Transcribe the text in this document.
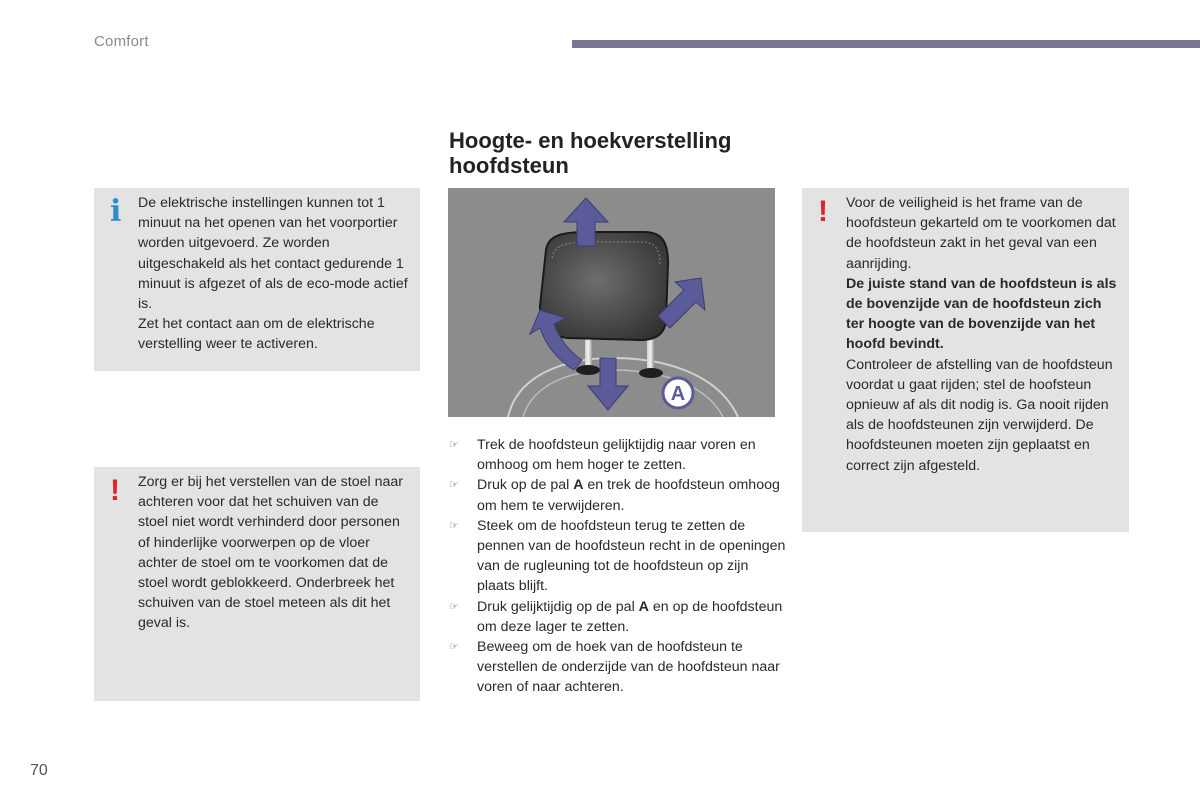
Comfort
Hoogte- en hoekverstelling hoofdsteun
i De elektrische instellingen kunnen tot 1 minuut na het openen van het voorportier worden uitgevoerd. Ze worden uitgeschakeld als het contact gedurende 1 minuut is afgezet of als de eco-mode actief is.

Zet het contact aan om de elektrische verstelling weer te activeren.

! Zorg er bij het verstellen van de stoel naar achteren voor dat het schuiven van de stoel niet wordt verhinderd door personen of hinderlijke voorwerpen op de vloer achter de stoel om te voorkomen dat de stoel wordt geblokkeerd. Onderbreek het schuiven van de stoel meteen als dit het geval is.

! Voor de veiligheid is het frame van de hoofdsteun gekarteld om te voorkomen dat de hoofdsteun zakt in het geval van een aanrijding.

De juiste stand van de hoofdsteun is als de bovenzijde van de hoofdsteun zich ter hoogte van de bovenzijde van het hoofd bevindt.

Controleer de afstelling van de hoofdsteun voordat u gaat rijden; stel de hoofsteun opnieuw af als dit nodig is. Ga nooit rijden als de hoofdsteunen zijn verwijderd. De hoofdsteunen moeten zijn geplaatst en correct zijn afgesteld.

A
☞ Trek de hoofdsteun gelijktijdig naar voren en omhoog om hem hoger te zetten.
☞ Druk op de pal A en trek de hoofdsteun omhoog om hem te verwijderen.
☞ Steek om de hoofdsteun terug te zetten de pennen van de hoofdsteun recht in de openingen van de rugleuning tot de hoofdsteun op zijn plaats blijft.
☞ Druk gelijktijdig op de pal A en op de hoofdsteun om deze lager te zetten.
☞ Beweeg om de hoek van de hoofdsteun te verstellen de onderzijde van de hoofdsteun naar voren of naar achteren.
70
